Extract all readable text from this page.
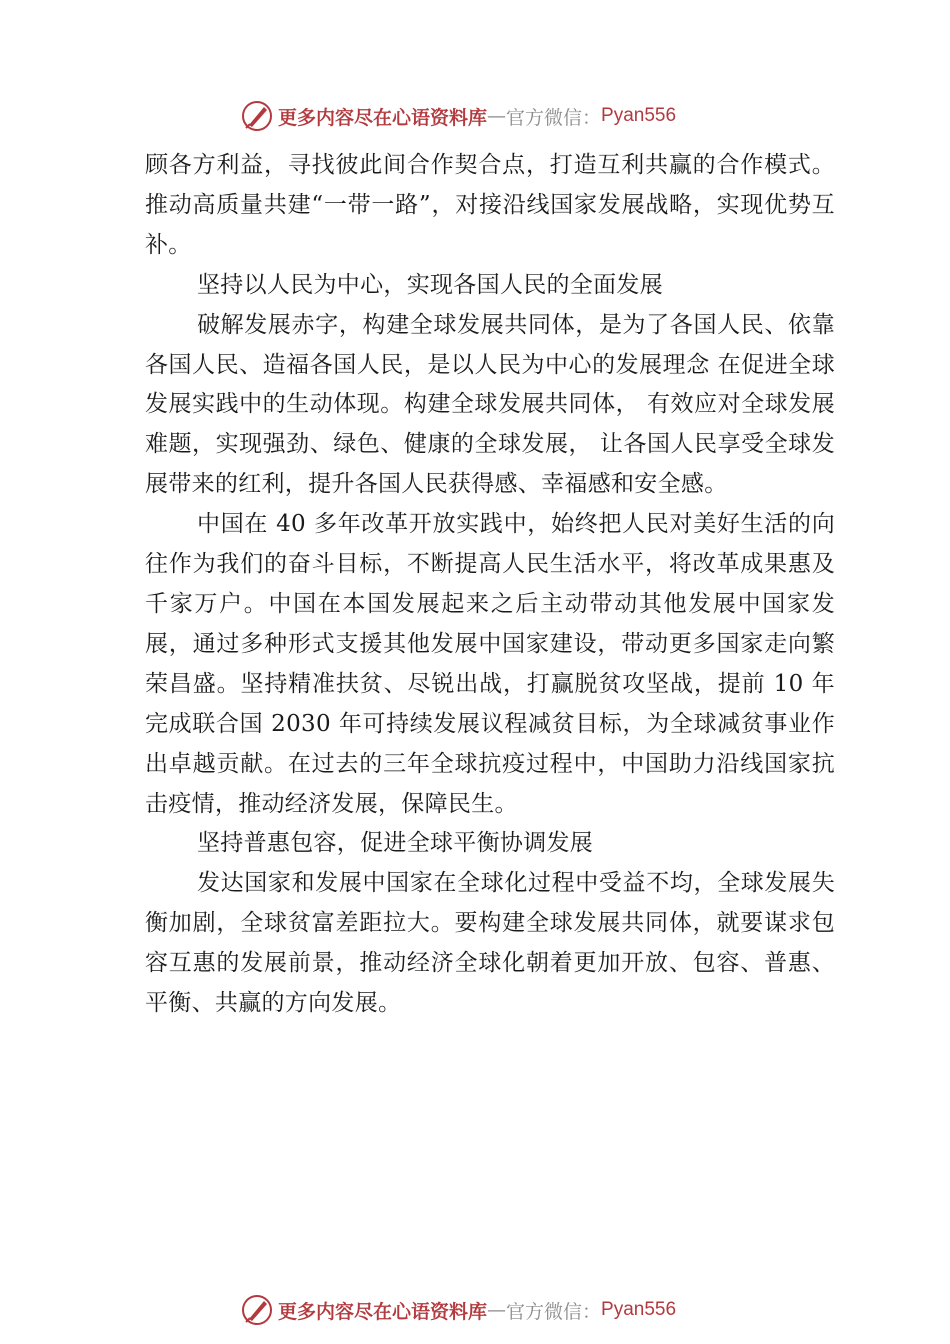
更多内容尽在心语资料库 — 官方微信： Pyan556

顾各方利益，寻找彼此间合作契合点，打造互利共赢的合作模式。推动高质量共建“一带一路”，对接沿线国家发展战略，实现优势互补。

坚持以人民为中心，实现各国人民的全面发展

破解发展赤字，构建全球发展共同体，是为了各国人民、依靠各国人民、造福各国人民，是以人民为中心的发展理念 在促进全球发展实践中的生动体现。构建全球发展共同体， 有效应对全球发展难题，实现强劲、绿色、健康的全球发展， 让各国人民享受全球发展带来的红利，提升各国人民获得感、幸福感和安全感。

中国在 40 多年改革开放实践中，始终把人民对美好生活的向往作为我们的奋斗目标，不断提高人民生活水平，将改革成果惠及千家万户。中国在本国发展起来之后主动带动其他发展中国家发展，通过多种形式支援其他发展中国家建设，带动更多国家走向繁荣昌盛。坚持精准扶贫、尽锐出战，打赢脱贫攻坚战，提前 10 年完成联合国 2030 年可持续发展议程减贫目标，为全球减贫事业作出卓越贡献。在过去的三年全球抗疫过程中，中国助力沿线国家抗击疫情，推动经济发展，保障民生。

坚持普惠包容，促进全球平衡协调发展

发达国家和发展中国家在全球化过程中受益不均，全球发展失衡加剧，全球贫富差距拉大。要构建全球发展共同体，就要谋求包容互惠的发展前景，推动经济全球化朝着更加开放、包容、普惠、平衡、共赢的方向发展。

更多内容尽在心语资料库 — 官方微信： Pyan556
